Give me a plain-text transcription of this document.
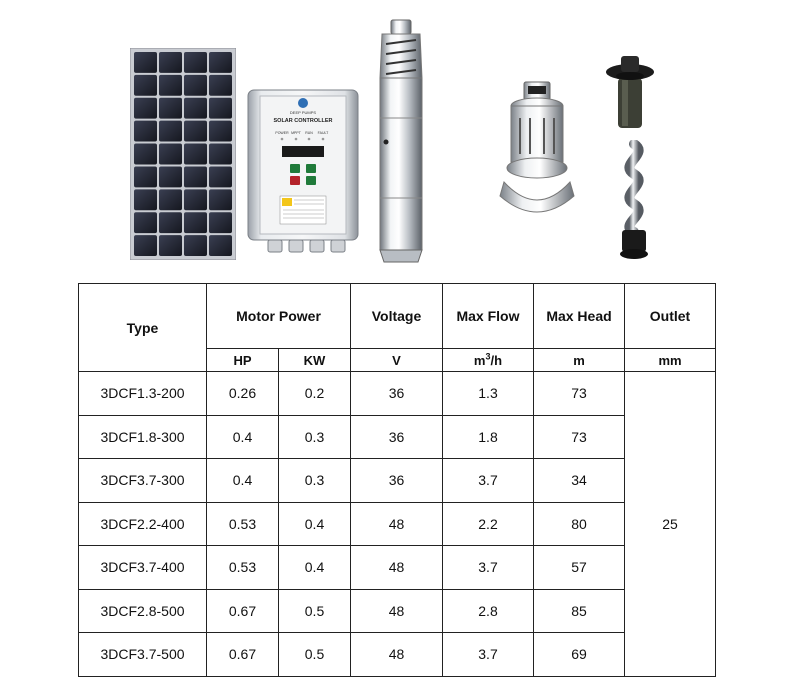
DEEP PUMPS
SOLAR CONTROLLER
POWER MPPT RUN FAULT
Type	Motor Power		Voltage	Max Flow	Max Head	Outlet
	HP	KW	V	$m^3/h$	m	mm
3DCF1.3-200	0.26	0.2	36	1.3	73	25
3DCF1.8-300	0.4	0.3	36	1.8	73	
3DCF3.7-300	0.4	0.3	36	3.7	34	
3DCF2.2-400	0.53	0.4	48	2.2	80	
3DCF3.7-400	0.53	0.4	48	3.7	57	
3DCF2.8-500	0.67	0.5	48	2.8	85	
3DCF3.7-500	0.67	0.5	48	3.7	69	
